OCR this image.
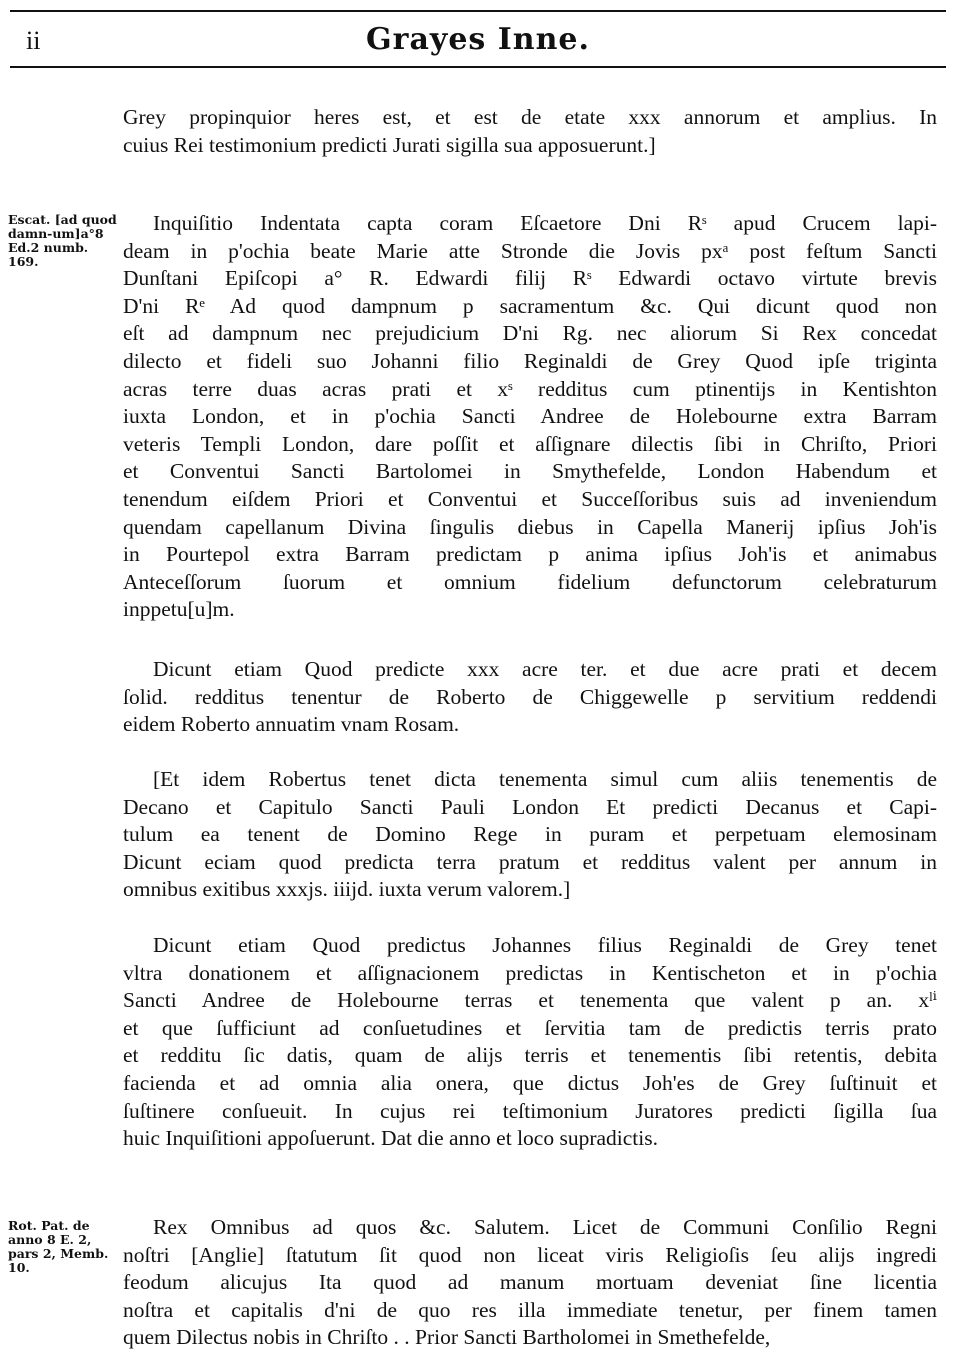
ii	Grayes Inne.
Escat. [ad quod damn-um]a°8 Ed.2 numb. 169.
Rot. Pat. de anno 8 E. 2, pars 2, Memb. 10.
Grey propinquior heres est, et est de etate xxx annorum et amplius. In
cuius Rei testimonium predicti Jurati sigilla sua apposuerunt.]
Inquiſitio Indentata capta coram Eſcaetore Dni Rˢ apud Crucem lapi-
deam in p'ochia beate Marie atte Stronde die Jovis pxᵃ post feſtum Sancti
Dunſtani Epiſcopi a° R. Edwardi filij Rˢ Edwardi octavo virtute brevis
D'ni Rᵉ Ad quod dampnum p sacramentum &c. Qui dicunt quod non
eſt ad dampnum nec prejudicium D'ni Rg. nec aliorum Si Rex concedat
dilecto et fideli suo Johanni filio Reginaldi de Grey Quod ipſe triginta
acras terre duas acras prati et xˢ redditus cum ptinentijs in Kentishton
iuxta London, et in p'ochia Sancti Andree de Holebourne extra Barram
veteris Templi London, dare poſſit et aſſignare dilectis ſibi in Chriſto, Priori
et Conventui Sancti Bartolomei in Smythefelde, London Habendum et
tenendum eiſdem Priori et Conventui et Succeſſoribus suis ad inveniendum
quendam capellanum Divina ſingulis diebus in Capella Manerij ipſius Joh'is
in Pourtepol extra Barram predictam p anima ipſius Joh'is et animabus
Anteceſſorum ſuorum et omnium fidelium defunctorum celebraturum
inppetu[u]m.
Dicunt etiam Quod predicte xxx acre ter. et due acre prati et decem
ſolid. redditus tenentur de Roberto de Chiggewelle p servitium reddendi
eidem Roberto annuatim vnam Rosam.
[Et idem Robertus tenet dicta tenementa simul cum aliis tenementis de
Decano et Capitulo Sancti Pauli London Et predicti Decanus et Capi-
tulum ea tenent de Domino Rege in puram et perpetuam elemosinam
Dicunt eciam quod predicta terra pratum et redditus valent per annum in
omnibus exitibus xxxjs. iiijd. iuxta verum valorem.]
Dicunt etiam Quod predictus Johannes filius Reginaldi de Grey tenet
vltra donationem et aſſignacionem predictas in Kentischeton et in p'ochia
Sancti Andree de Holebourne terras et tenementa que valent p an. xˡⁱ
et que ſufficiunt ad conſuetudines et ſervitia tam de predictis terris prato
et redditu ſic datis, quam de alijs terris et tenementis ſibi retentis, debita
facienda et ad omnia alia onera, que dictus Joh'es de Grey ſuſtinuit et
ſuſtinere conſueuit. In cujus rei teſtimonium Juratores predicti ſigilla ſua
huic Inquiſitioni appoſuerunt. Dat die anno et loco supradictis.
Rex Omnibus ad quos &c. Salutem. Licet de Communi Conſilio Regni
noſtri [Anglie] ſtatutum ſit quod non liceat viris Religioſis ſeu alijs ingredi
feodum alicujus Ita quod ad manum mortuam deveniat ſine licentia
noſtra et capitalis d'ni de quo res illa immediate tenetur, per finem tamen
quem Dilectus nobis in Chriſto . . Prior Sancti Bartholomei in Smethefelde,
